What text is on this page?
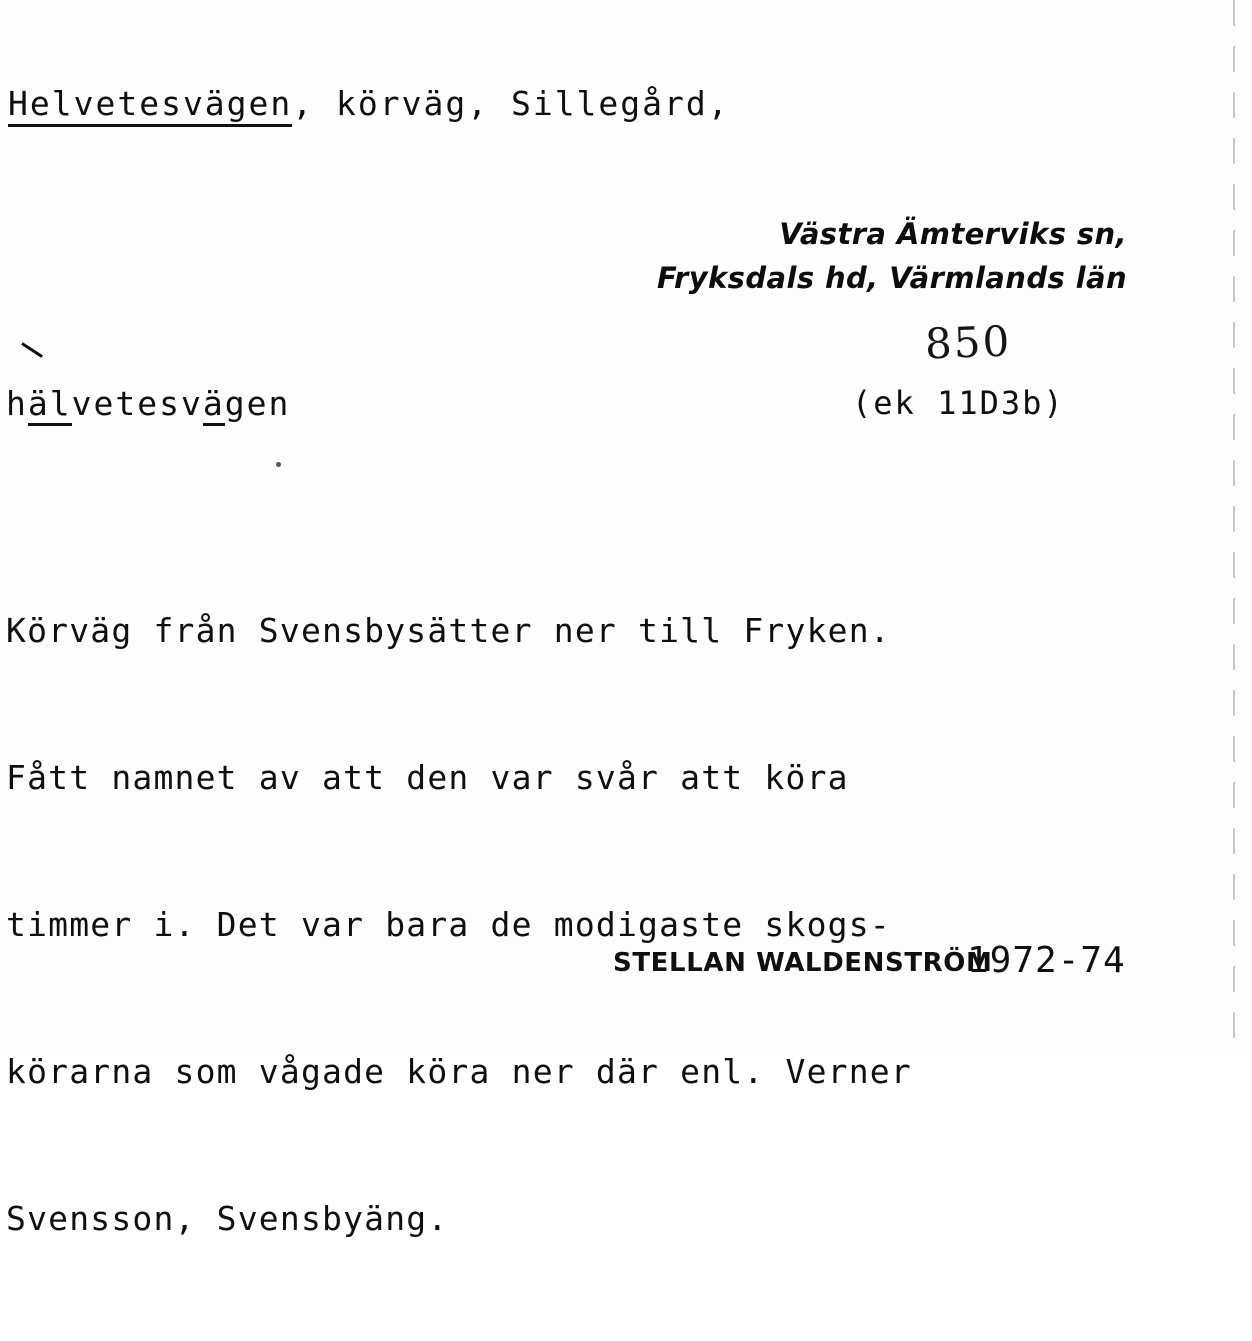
Helvetesvägen, körväg, Sillegård,
Västra Ämterviks sn,
Fryksdals hd, Värmlands län
850
(ek 11D3b)
hälvetesvägen

Körväg från Svensbysätter ner till Fryken.

Fått namnet av att den var svår att köra

timmer i. Det var bara de modigaste skogs-

körarna som vågade köra ner där enl. Verner

Svensson, Svensbyäng.

STELLAN WALDENSTRÖM
1972-74
